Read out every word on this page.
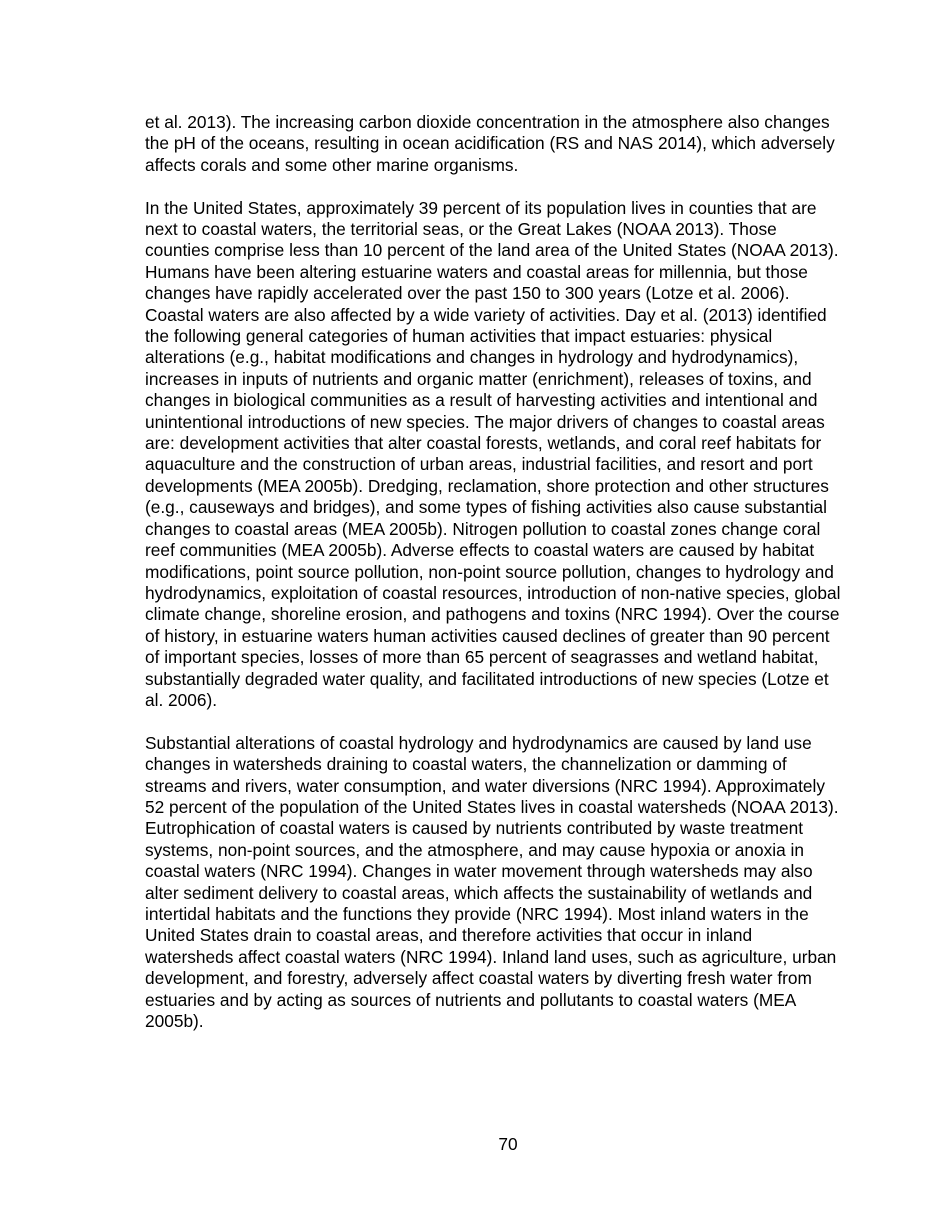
et al. 2013). The increasing carbon dioxide concentration in the atmosphere also changes the pH of the oceans, resulting in ocean acidification (RS and NAS 2014), which adversely affects corals and some other marine organisms.

In the United States, approximately 39 percent of its population lives in counties that are next to coastal waters, the territorial seas, or the Great Lakes (NOAA 2013). Those counties comprise less than 10 percent of the land area of the United States (NOAA 2013). Humans have been altering estuarine waters and coastal areas for millennia, but those changes have rapidly accelerated over the past 150 to 300 years (Lotze et al. 2006). Coastal waters are also affected by a wide variety of activities. Day et al. (2013) identified the following general categories of human activities that impact estuaries: physical alterations (e.g., habitat modifications and changes in hydrology and hydrodynamics), increases in inputs of nutrients and organic matter (enrichment), releases of toxins, and changes in biological communities as a result of harvesting activities and intentional and unintentional introductions of new species. The major drivers of changes to coastal areas are: development activities that alter coastal forests, wetlands, and coral reef habitats for aquaculture and the construction of urban areas, industrial facilities, and resort and port developments (MEA 2005b). Dredging, reclamation, shore protection and other structures (e.g., causeways and bridges), and some types of fishing activities also cause substantial changes to coastal areas (MEA 2005b). Nitrogen pollution to coastal zones change coral reef communities (MEA 2005b). Adverse effects to coastal waters are caused by habitat modifications, point source pollution, non-point source pollution, changes to hydrology and hydrodynamics, exploitation of coastal resources, introduction of non-native species, global climate change, shoreline erosion, and pathogens and toxins (NRC 1994). Over the course of history, in estuarine waters human activities caused declines of greater than 90 percent of important species, losses of more than 65 percent of seagrasses and wetland habitat, substantially degraded water quality, and facilitated introductions of new species (Lotze et al. 2006).

Substantial alterations of coastal hydrology and hydrodynamics are caused by land use changes in watersheds draining to coastal waters, the channelization or damming of streams and rivers, water consumption, and water diversions (NRC 1994). Approximately 52 percent of the population of the United States lives in coastal watersheds (NOAA 2013). Eutrophication of coastal waters is caused by nutrients contributed by waste treatment systems, non-point sources, and the atmosphere, and may cause hypoxia or anoxia in coastal waters (NRC 1994). Changes in water movement through watersheds may also alter sediment delivery to coastal areas, which affects the sustainability of wetlands and intertidal habitats and the functions they provide (NRC 1994). Most inland waters in the United States drain to coastal areas, and therefore activities that occur in inland watersheds affect coastal waters (NRC 1994). Inland land uses, such as agriculture, urban development, and forestry, adversely affect coastal waters by diverting fresh water from estuaries and by acting as sources of nutrients and pollutants to coastal waters (MEA 2005b).

70
